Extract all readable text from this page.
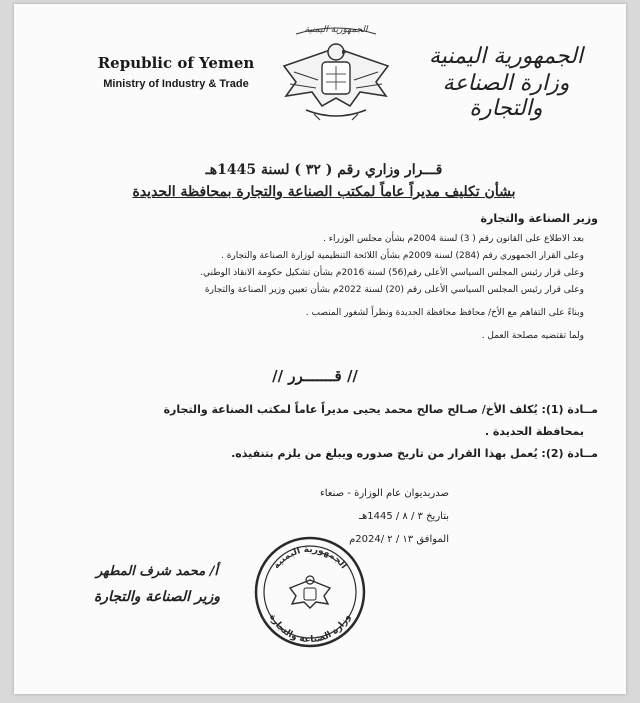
Republic of Yemen
Ministry of Industry & Trade
الجمهورية اليمنية
الجمهورية اليمنية
وزارة الصناعة والتجارة
قـــرار وزاري رقم ( ٣٢ ) لسنة 1445هـ
بشأن تكليف مديراً عاماً لمكتب الصناعة والتجارة بمحافظة الحديدة
وزير الصناعة والتجارة

بعد الاطلاع على القانون رقم ( 3) لسنة 2004م بشأن مجلس الوزراء .

وعلى القرار الجمهوري رقم (284) لسنة 2009م بشأن اللائحة التنظيمية لوزارة الصناعة والتجارة .

وعلى قرار رئيس المجلس السياسي الأعلى رقم(56) لسنة 2016م بشأن تشكيل حكومة الانقاذ الوطني.

وعلى قرار رئيس المجلس السياسي الأعلى رقم (20) لسنة 2022م بشأن تعيين وزير الصناعة والتجارة

وبناءً على التفاهم مع الأخ/ محافظ محافظة الحديدة ونظراً لشغور المنصب .

ولما تقتضيه مصلحة العمل .

// قـــــــرر //
مــادة (1): يُكلف الأخ/ صـالح صالح محمد يحيى مديراً عاماً لمكتب الصناعة والتجارة
بمحافظة الحديدة .
مــادة (2): يُعمل بهذا القرار من تاريخ صدوره ويبلغ من يلزم بتنفيذه.
صدربديوان عام الوزارة - صنعاء
بتاريخ ٣ / ٨ / 1445هـ
الموافق ١٣ / ٢ /2024م
الجمهورية اليمنية
وزارة الصناعة والتجارة
أ/ محمد شرف المطهر
وزير الصناعة والتجارة
